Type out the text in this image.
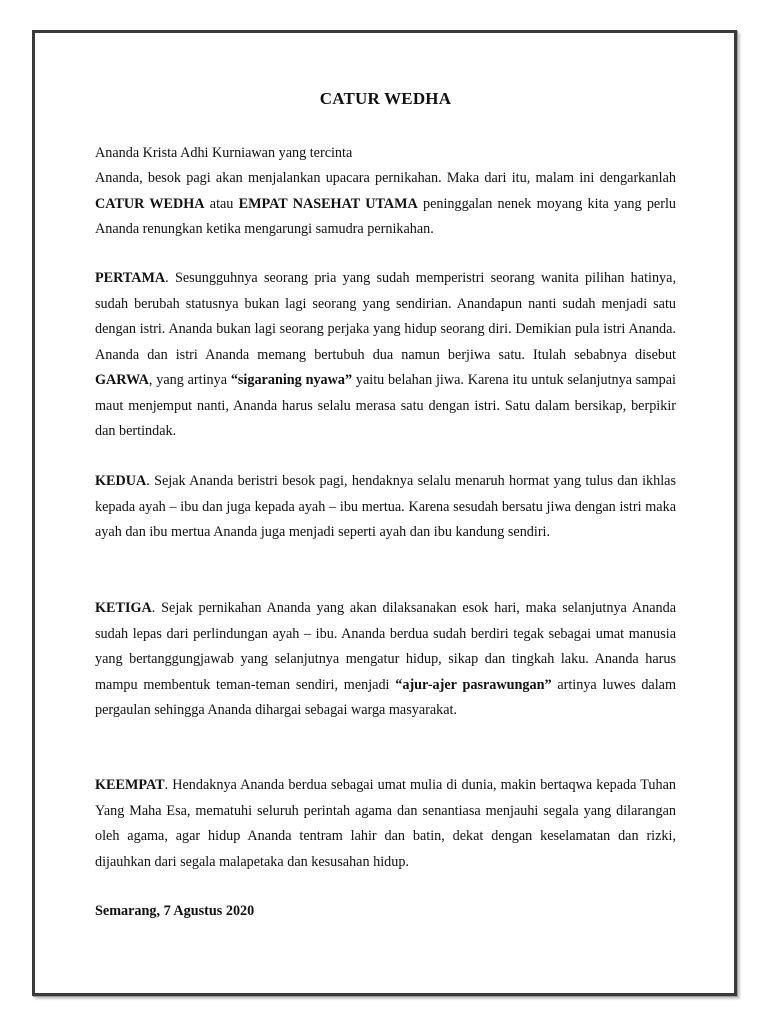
CATUR WEDHA

Ananda Krista Adhi Kurniawan yang tercinta

Ananda, besok pagi akan menjalankan upacara pernikahan. Maka dari itu, malam ini dengarkanlah CATUR WEDHA atau EMPAT NASEHAT UTAMA peninggalan nenek moyang kita yang perlu Ananda renungkan ketika mengarungi samudra pernikahan.

PERTAMA. Sesungguhnya seorang pria yang sudah memperistri seorang wanita pilihan hatinya, sudah berubah statusnya bukan lagi seorang yang sendirian. Anandapun nanti sudah menjadi satu dengan istri. Ananda bukan lagi seorang perjaka yang hidup seorang diri. Demikian pula istri Ananda. Ananda dan istri Ananda memang bertubuh dua namun berjiwa satu. Itulah sebabnya disebut GARWA, yang artinya “sigaraning nyawa” yaitu belahan jiwa. Karena itu untuk selanjutnya sampai maut menjemput nanti, Ananda harus selalu merasa satu dengan istri. Satu dalam bersikap, berpikir dan bertindak.

KEDUA. Sejak Ananda beristri besok pagi, hendaknya selalu menaruh hormat yang tulus dan ikhlas kepada ayah – ibu dan juga kepada ayah – ibu mertua. Karena sesudah bersatu jiwa dengan istri maka ayah dan ibu mertua Ananda juga menjadi seperti ayah dan ibu kandung sendiri.

KETIGA. Sejak pernikahan Ananda yang akan dilaksanakan esok hari, maka selanjutnya Ananda sudah lepas dari perlindungan ayah – ibu. Ananda berdua sudah berdiri tegak sebagai umat manusia yang bertanggungjawab yang selanjutnya mengatur hidup, sikap dan tingkah laku. Ananda harus mampu membentuk teman-teman sendiri, menjadi “ajur-ajer pasrawungan” artinya luwes dalam pergaulan sehingga Ananda dihargai sebagai warga masyarakat.

KEEMPAT. Hendaknya Ananda berdua sebagai umat mulia di dunia, makin bertaqwa kepada Tuhan Yang Maha Esa, mematuhi seluruh perintah agama dan senantiasa menjauhi segala yang dilarangan oleh agama, agar hidup Ananda tentram lahir dan batin, dekat dengan keselamatan dan rizki, dijauhkan dari segala malapetaka dan kesusahan hidup.

Semarang, 7 Agustus 2020
